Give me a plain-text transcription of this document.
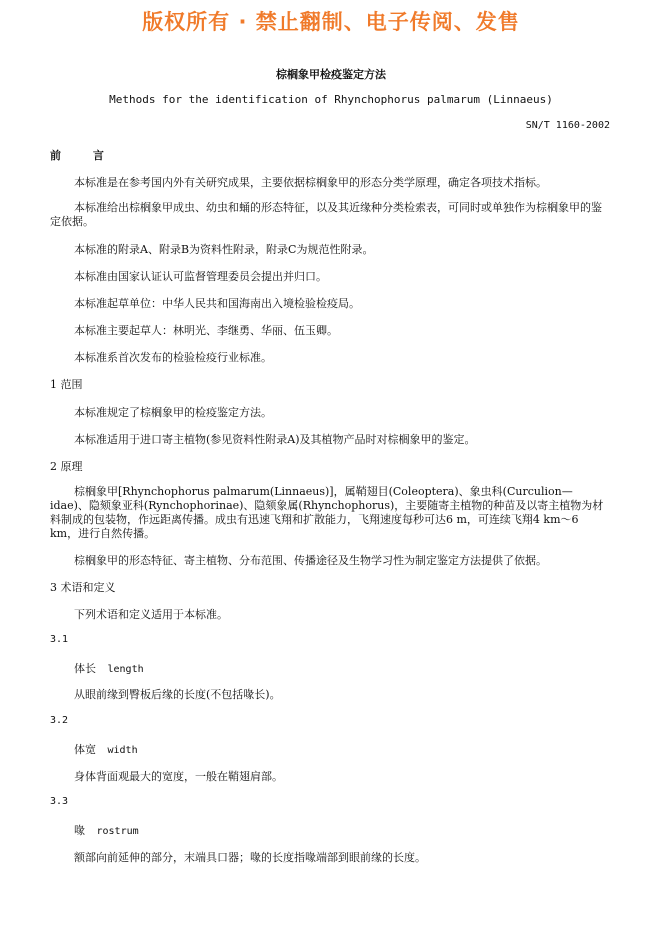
版权所有 · 禁止翻制、电子传阅、发售
棕榈象甲检疫鉴定方法
Methods for the identification of Rhynchophorus palmarum (Linnaeus)
SN/T 1160-2002
前 言
本标准是在参考国内外有关研究成果，主要依据棕榈象甲的形态分类学原理，确定各项技术指标。
本标准给出棕榈象甲成虫、幼虫和蛹的形态特征，以及其近缘种分类检索表，可同时或单独作为棕榈象甲的鉴定依据。
本标准的附录A、附录B为资料性附录，附录C为规范性附录。
本标准由国家认证认可监督管理委员会提出并归口。
本标准起草单位：中华人民共和国海南出入境检验检疫局。
本标准主要起草人：林明光、李继勇、华丽、伍玉卿。
本标准系首次发布的检验检疫行业标准。
1 范围
本标准规定了棕榈象甲的检疫鉴定方法。
本标准适用于进口寄主植物(参见资料性附录A)及其植物产品时对棕榈象甲的鉴定。
2 原理
棕榈象甲[Rhynchophorus palmarum(Linnaeus)]，属鞘翅目(Coleoptera)、象虫科(Curculion—idae)、隐颏象亚科(Rynchophorinae)、隐颏象属(Rhynchophorus)，主要随寄主植物的种苗及以寄主植物为材料制成的包装物，作远距离传播。成虫有迅速飞翔和扩散能力，飞翔速度每秒可达6 m，可连续飞翔4 km～6 km，进行自然传播。
棕榈象甲的形态特征、寄主植物、分布范围、传播途径及生物学习性为制定鉴定方法提供了依据。
3 术语和定义
下列术语和定义适用于本标准。
3.1
体长 length
从眼前缘到臀板后缘的长度(不包括喙长)。
3.2
体宽 width
身体背面观最大的宽度，一般在鞘翅肩部。
3.3
喙 rostrum
额部向前延伸的部分，末端具口器；喙的长度指喙端部到眼前缘的长度。
